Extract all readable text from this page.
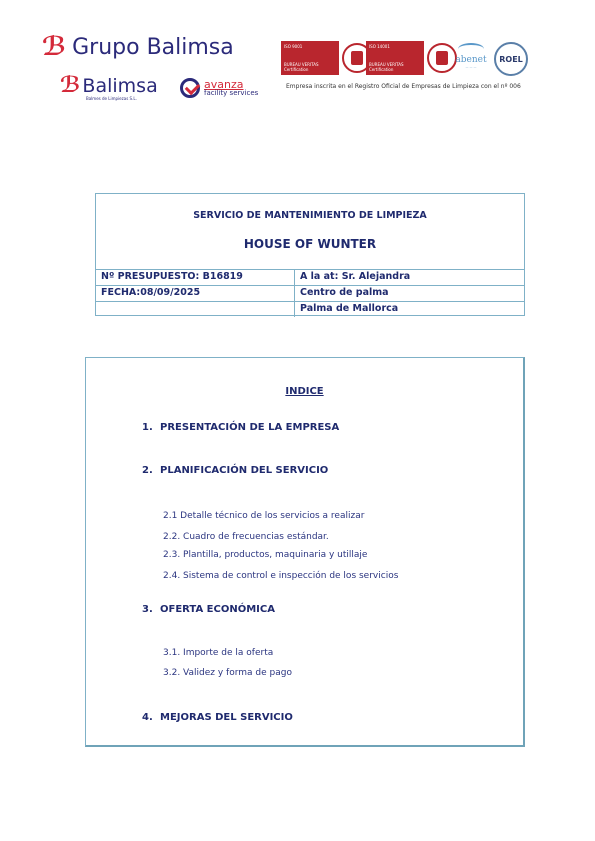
ℬ Grupo Balimsa
ℬ Balimsa
Balmes de Limpiezas S.L.
avanza
facility services
ISO 9001
BUREAU VERITAS Certification
ISO 14001
BUREAU VERITAS Certification
abenet
— — —
ROEL
Empresa inscrita en el Registro Oficial de Empresas de Limpieza con el nº 006
SERVICIO DE MANTENIMIENTO DE LIMPIEZA
HOUSE OF WUNTER
Nº PRESUPUESTO: B16819	A la at: Sr. Alejandra
FECHA:08/09/2025	Centro de palma
Palma de Mallorca
INDICE
1. PRESENTACIÓN DE LA EMPRESA
2. PLANIFICACIÓN DEL SERVICIO
2.1 Detalle técnico de los servicios a realizar
2.2. Cuadro de frecuencias estándar.
2.3. Plantilla, productos, maquinaria y utillaje
2.4. Sistema de control e inspección de los servicios
3. OFERTA ECONÓMICA
3.1. Importe de la oferta
3.2. Validez y forma de pago
4. MEJORAS DEL SERVICIO
